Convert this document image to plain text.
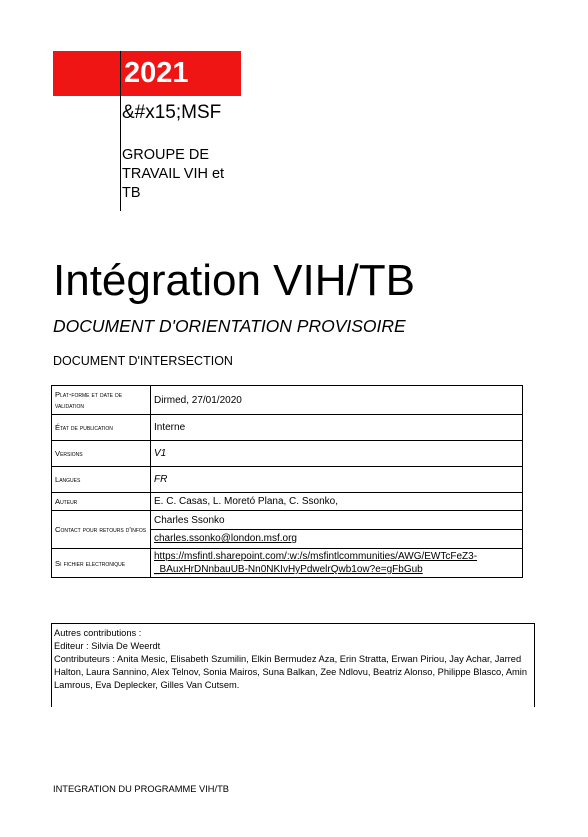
2021
&#x15;MSF
GROUPE DE TRAVAIL VIH et TB
Intégration VIH/TB
DOCUMENT D'ORIENTATION PROVISOIRE
DOCUMENT D'INTERSECTION
Plat-forme et date de validation	Dirmed, 27/01/2020
État de publication	Interne
Versions	V1
Langues	FR
Auteur	E. C. Casas, L. Moretó Plana, C. Ssonko,
Contact pour retours d'infos	Charles Ssonko
charles.ssonko@london.msf.org

Si fichier electronique	https://msfintl.sharepoint.com/:w:/s/msfintlcommunities/AWG/EWTcFeZ3-
_BAuxHrDNnbauUB-Nn0NKIvHyPdwelrQwb1ow?e=gFbGub
Autres contributions :
Editeur : Silvia De Weerdt
Contributeurs : Anita Mesic, Elisabeth Szumilin, Elkin Bermudez Aza, Erin Stratta, Erwan Piriou, Jay Achar, Jarred Halton, Laura Sannino, Alex Telnov, Sonia Mairos, Suna Balkan, Zee Ndlovu, Beatriz Alonso, Philippe Blasco, Amin Lamrous, Eva Deplecker, Gilles Van Cutsem.
INTEGRATION DU PROGRAMME VIH/TB
